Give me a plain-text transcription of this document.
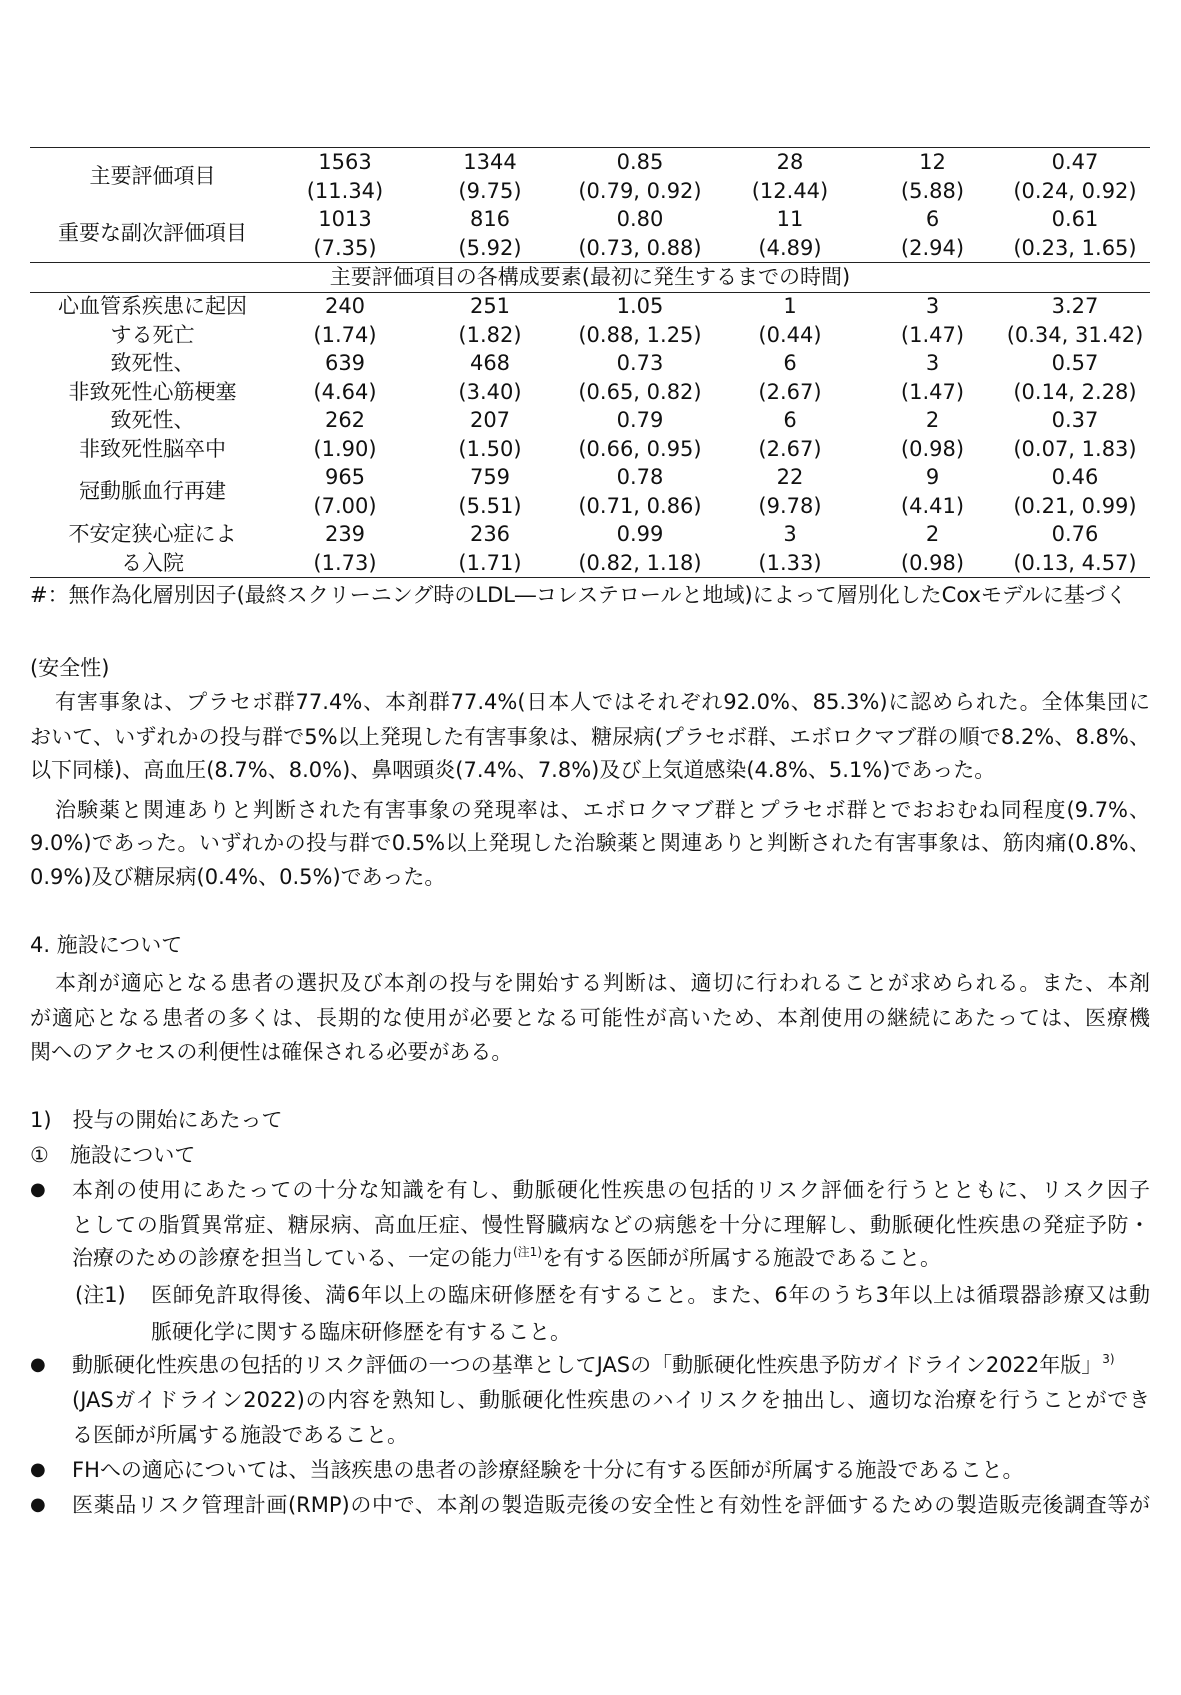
主要評価項目
1563
(11.34)
1344
(9.75)
0.85
(0.79, 0.92)
28
(12.44)
12
(5.88)
0.47
(0.24, 0.92)
重要な副次評価項目
1013
(7.35)
816
(5.92)
0.80
(0.73, 0.88)
11
(4.89)
6
(2.94)
0.61
(0.23, 1.65)
主要評価項目の各構成要素(最初に発生するまでの時間)
心血管系疾患に起因
する死亡
240
(1.74)
251
(1.82)
1.05
(0.88, 1.25)
1
(0.44)
3
(1.47)
3.27
(0.34, 31.42)
致死性、
非致死性心筋梗塞
639
(4.64)
468
(3.40)
0.73
(0.65, 0.82)
6
(2.67)
3
(1.47)
0.57
(0.14, 2.28)
致死性、
非致死性脳卒中
262
(1.90)
207
(1.50)
0.79
(0.66, 0.95)
6
(2.67)
2
(0.98)
0.37
(0.07, 1.83)
冠動脈血行再建
965
(7.00)
759
(5.51)
0.78
(0.71, 0.86)
22
(9.78)
9
(4.41)
0.46
(0.21, 0.99)
不安定狭心症によ
る入院
239
(1.73)
236
(1.71)
0.99
(0.82, 1.18)
3
(1.33)
2
(0.98)
0.76
(0.13, 4.57)
#：無作為化層別因子(最終スクリーニング時のLDL―コレステロールと地域)によって層別化したCoxモデルに基づく
(安全性)
有害事象は、プラセボ群77.4%、本剤群77.4%(日本人ではそれぞれ92.0%、85.3%)に認められた。全体集団に
おいて、いずれかの投与群で5%以上発現した有害事象は、糖尿病(プラセボ群、エボロクマブ群の順で8.2%、8.8%、
以下同様)、高血圧(8.7%、8.0%)、鼻咽頭炎(7.4%、7.8%)及び上気道感染(4.8%、5.1%)であった。
治験薬と関連ありと判断された有害事象の発現率は、エボロクマブ群とプラセボ群とでおおむね同程度(9.7%、
9.0%)であった。いずれかの投与群で0.5%以上発現した治験薬と関連ありと判断された有害事象は、筋肉痛(0.8%、
0.9%)及び糖尿病(0.4%、0.5%)であった。
4. 施設について
本剤が適応となる患者の選択及び本剤の投与を開始する判断は、適切に行われることが求められる。また、本剤
が適応となる患者の多くは、長期的な使用が必要となる可能性が高いため、本剤使用の継続にあたっては、医療機
関へのアクセスの利便性は確保される必要がある。
1)　投与の開始にあたって
①　施設について
● 本剤の使用にあたっての十分な知識を有し、動脈硬化性疾患の包括的リスク評価を行うとともに、リスク因子
としての脂質異常症、糖尿病、高血圧症、慢性腎臓病などの病態を十分に理解し、動脈硬化性疾患の発症予防・
治療のための診療を担当している、一定の能力$^{(注1)}$を有する医師が所属する施設であること。
(注1) 医師免許取得後、満6年以上の臨床研修歴を有すること。また、6年のうち3年以上は循環器診療又は動
脈硬化学に関する臨床研修歴を有すること。
● 動脈硬化性疾患の包括的リスク評価の一つの基準としてJASの「動脈硬化性疾患予防ガイドライン2022年版」$^{3)}$
(JASガイドライン2022)の内容を熟知し、動脈硬化性疾患のハイリスクを抽出し、適切な治療を行うことができ
る医師が所属する施設であること。
● FHへの適応については、当該疾患の患者の診療経験を十分に有する医師が所属する施設であること。
● 医薬品リスク管理計画(RMP)の中で、本剤の製造販売後の安全性と有効性を評価するための製造販売後調査等が
